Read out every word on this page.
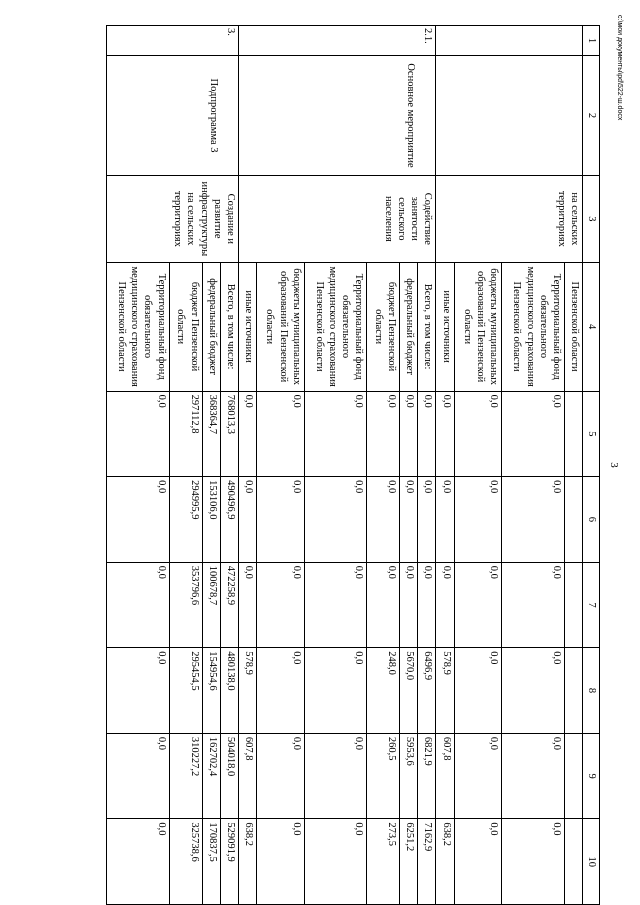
3
1	2	3	4	5	6	7	8	9	10
		на сельских территориях	Пензенской области						
			Территориальный фонд обязательного медицинского страхования Пензенской области	0,0	0,0	0,0	0,0	0,0	0,0
			бюджеты муниципальных образований Пензенской области	0,0	0,0	0,0	0,0	0,0	0,0
			иные источники	0,0	0,0	0,0	578,9	607,8	638,2
2.1.	Основное мероприятие	Содействие занятости сельского населения	Всего, в том числе:	0,0	0,0	0,0	6496,9	6821,9	7162,9
			федеральный бюджет	0,0	0,0	0,0	5670,0	5953,6	6251,2
			бюджет Пензенской области	0,0	0,0	0,0	248,0	260,5	273,5
			Территориальный фонд обязательного медицинского страхования Пензенской области	0,0	0,0	0,0	0,0	0,0	0,0
			бюджеты муниципальных образований Пензенской области	0,0	0,0	0,0	0,0	0,0	0,0
			иные источники	0,0	0,0	0,0	578,9	607,8	638,2
3.	Подпрограмма 3	Создание и развитие инфраструктуры на сельских территориях	Всего, в том числе:	768013,3	490496,9	472258,9	480138,0	504018,0	529091,9
			федеральный бюджет	368364,7	153106,0	100678,7	154954,6	162702,4	170837,5
			бюджет Пензенской области	297112,8	294995,9	353796,6	295454,5	310227,2	325738,6
			Территориальный фонд обязательного медицинского страхования Пензенской области	0,0	0,0	0,0	0,0	0,0	0,0
c:\мои документы\pd\522-ш.docx
